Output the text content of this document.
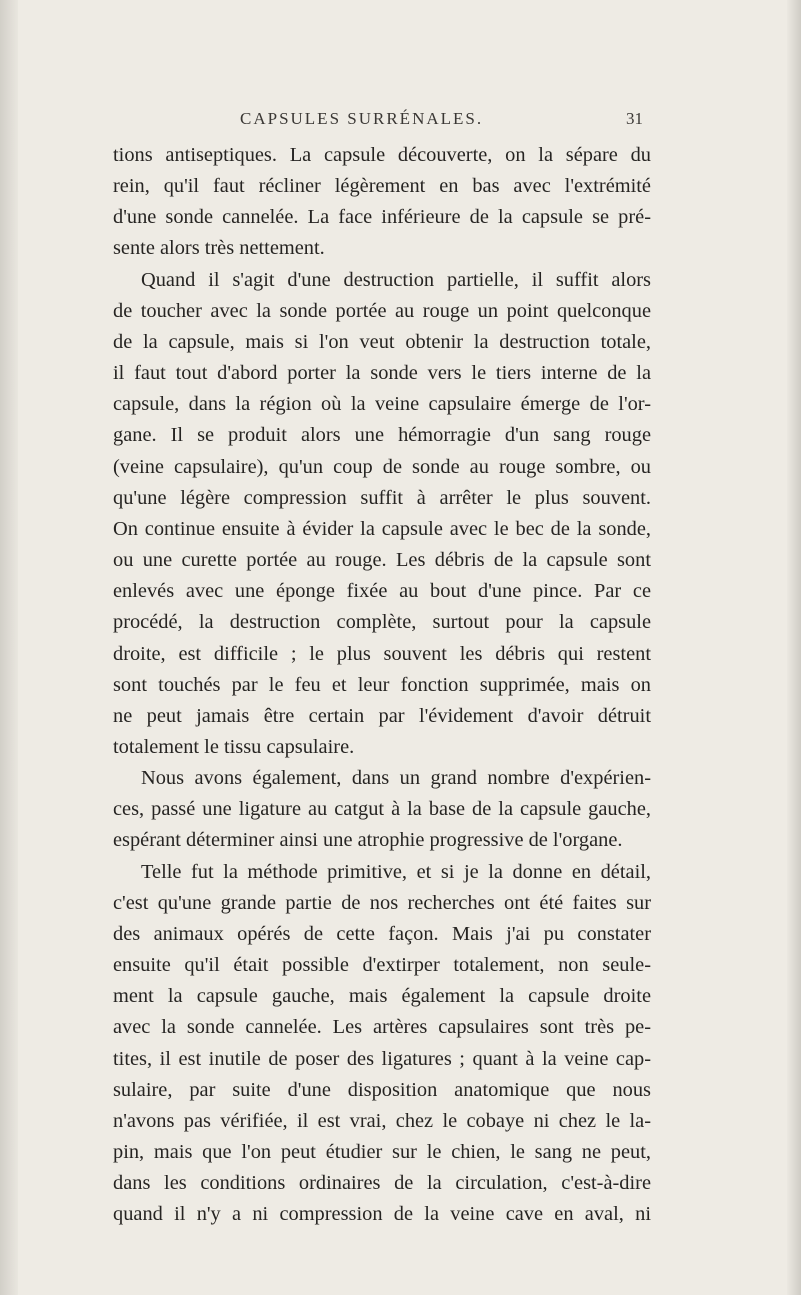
CAPSULES SURRÉNALES.	31
tions antiseptiques. La capsule découverte, on la sépare du
rein, qu'il faut récliner légèrement en bas avec l'extrémité
d'une sonde cannelée. La face inférieure de la capsule se pré-
sente alors très nettement.
Quand il s'agit d'une destruction partielle, il suffit alors
de toucher avec la sonde portée au rouge un point quelconque
de la capsule, mais si l'on veut obtenir la destruction totale,
il faut tout d'abord porter la sonde vers le tiers interne de la
capsule, dans la région où la veine capsulaire émerge de l'or-
gane. Il se produit alors une hémorragie d'un sang rouge
(veine capsulaire), qu'un coup de sonde au rouge sombre, ou
qu'une légère compression suffit à arrêter le plus souvent.
On continue ensuite à évider la capsule avec le bec de la sonde,
ou une curette portée au rouge. Les débris de la capsule sont
enlevés avec une éponge fixée au bout d'une pince. Par ce
procédé, la destruction complète, surtout pour la capsule
droite, est difficile ; le plus souvent les débris qui restent
sont touchés par le feu et leur fonction supprimée, mais on
ne peut jamais être certain par l'évidement d'avoir détruit
totalement le tissu capsulaire.
Nous avons également, dans un grand nombre d'expérien-
ces, passé une ligature au catgut à la base de la capsule gauche,
espérant déterminer ainsi une atrophie progressive de l'organe.
Telle fut la méthode primitive, et si je la donne en détail,
c'est qu'une grande partie de nos recherches ont été faites sur
des animaux opérés de cette façon. Mais j'ai pu constater
ensuite qu'il était possible d'extirper totalement, non seule-
ment la capsule gauche, mais également la capsule droite
avec la sonde cannelée. Les artères capsulaires sont très pe-
tites, il est inutile de poser des ligatures ; quant à la veine cap-
sulaire, par suite d'une disposition anatomique que nous
n'avons pas vérifiée, il est vrai, chez le cobaye ni chez le la-
pin, mais que l'on peut étudier sur le chien, le sang ne peut,
dans les conditions ordinaires de la circulation, c'est-à-dire
quand il n'y a ni compression de la veine cave en aval, ni
